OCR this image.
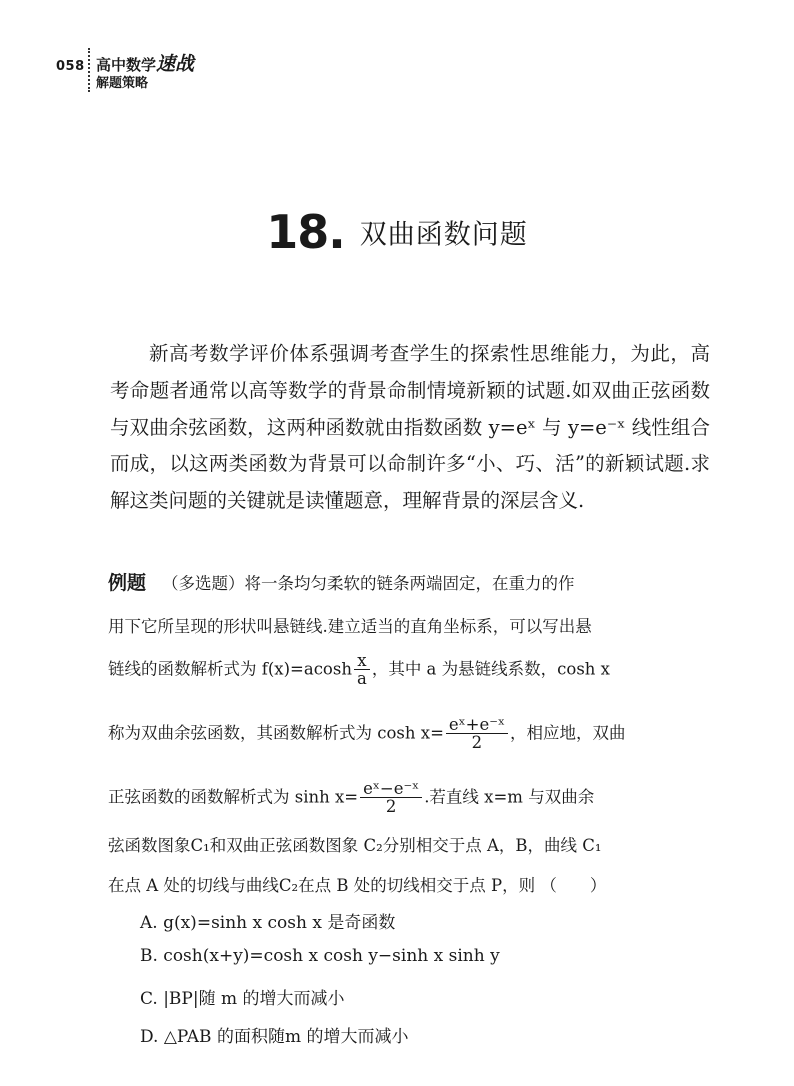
058 高中数学速战
解题策略
18. 双曲函数问题

新高考数学评价体系强调考查学生的探索性思维能力，为此，高考命题者通常以高等数学的背景命制情境新颖的试题.如双曲正弦函数与双曲余弦函数，这两种函数就由指数函数 y=eˣ 与 y=e⁻ˣ 线性组合而成，以这两类函数为背景可以命制许多“小、巧、活”的新颖试题.求解这类问题的关键就是读懂题意，理解背景的深层含义.

例题 （多选题）将一条均匀柔软的链条两端固定，在重力的作
用下它所呈现的形状叫悬链线.建立适当的直角坐标系，可以写出悬
链线的函数解析式为 $f(x)=acosh \frac{x}{a}$ ，其中 a 为悬链线系数，cosh x
称为双曲余弦函数，其函数解析式为 $\cosh x= \frac{\text{eˣ+e⁻ˣ}}{2}$ ，相应地，双曲
正弦函数的函数解析式为 $\sinh x= \frac{\text{eˣ−e⁻ˣ}}{2}$ .若直线 x=m 与双曲余
弦函数图象C₁和双曲正弦函数图象 C₂分别相交于点 A，B，曲线 C₁
在点 A 处的切线与曲线C₂在点 B 处的切线相交于点 P，则 （　　）
A. g(x)=sinh x cosh x 是奇函数
B. cosh(x+y)=cosh x cosh y−sinh x sinh y
C. |BP|随 m 的增大而减小
D. △PAB 的面积随m 的增大而减小
